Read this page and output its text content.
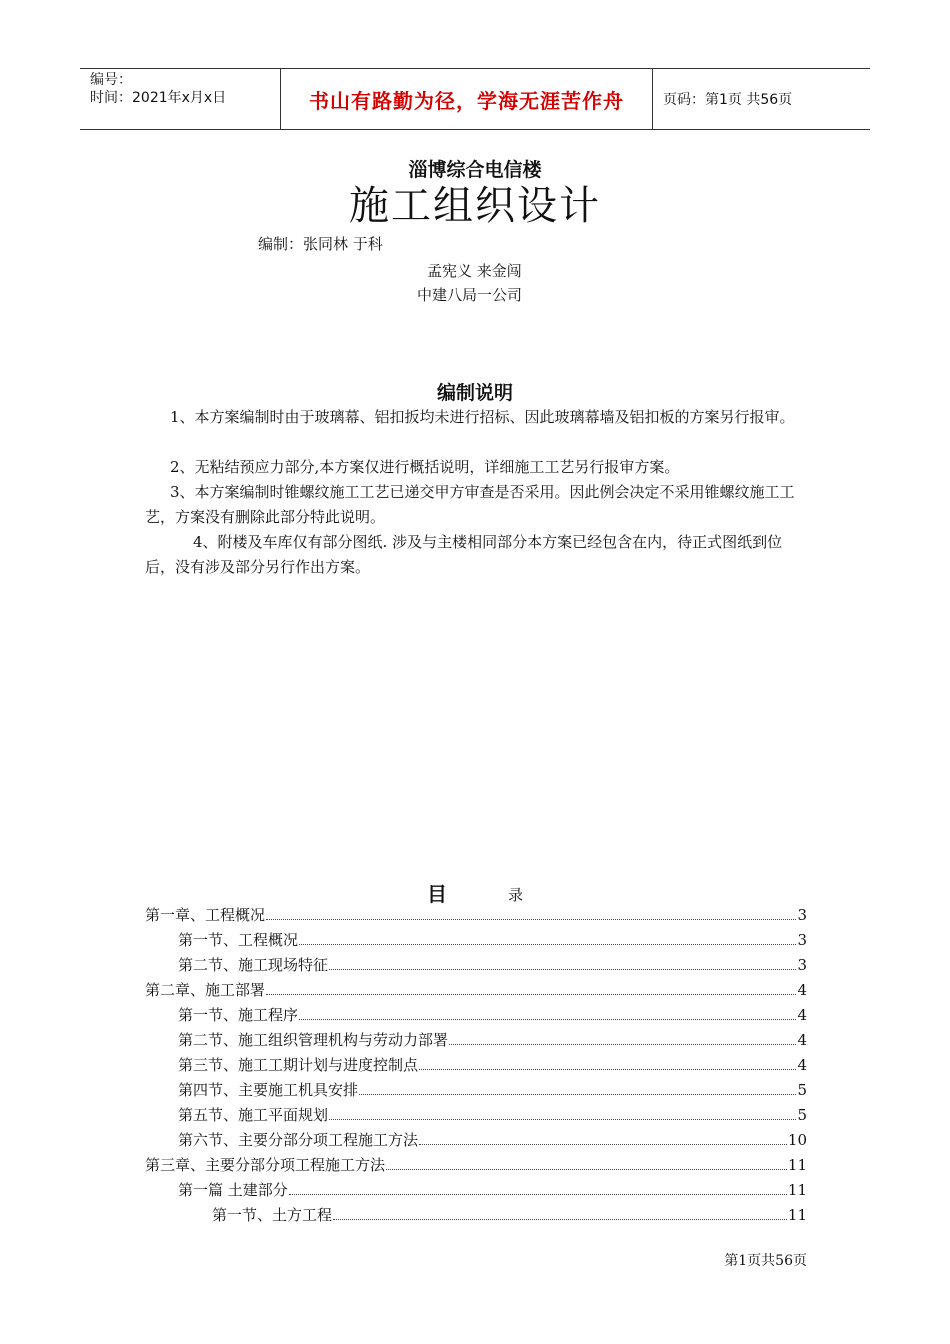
编号：
时间：2021年x月x日	书山有路勤为径，学海无涯苦作舟	页码：第1页 共56页
淄博综合电信楼
施工组织设计
编制：张同林 于科
孟宪义 来金闯
中建八局一公司
编制说明

1、本方案编制时由于玻璃幕、铝扣扳均未进行招标、因此玻璃幕墙及铝扣板的方案另行报审。

2、无粘结预应力部分,本方案仅进行概括说明，详细施工工艺另行报审方案。

3、本方案编制时锥螺纹施工工艺已递交甲方审查是否采用。因此例会决定不采用锥螺纹施工工艺，方案没有删除此部分特此说明。

4、附楼及车库仅有部分图纸. 涉及与主楼相同部分本方案已经包含在内，待正式图纸到位后，没有涉及部分另行作出方案。

目	录
第一章、工程概况	3
第一节、工程概况	3
第二节、施工现场特征	3
第二章、施工部署	4
第一节、施工程序	4
第二节、施工组织管理机构与劳动力部署	4
第三节、施工工期计划与进度控制点	4
第四节、主要施工机具安排	5
第五节、施工平面规划	5
第六节、主要分部分项工程施工方法	10
第三章、主要分部分项工程施工方法	11
第一篇 土建部分	11
第一节、土方工程	11
第1页共56页
